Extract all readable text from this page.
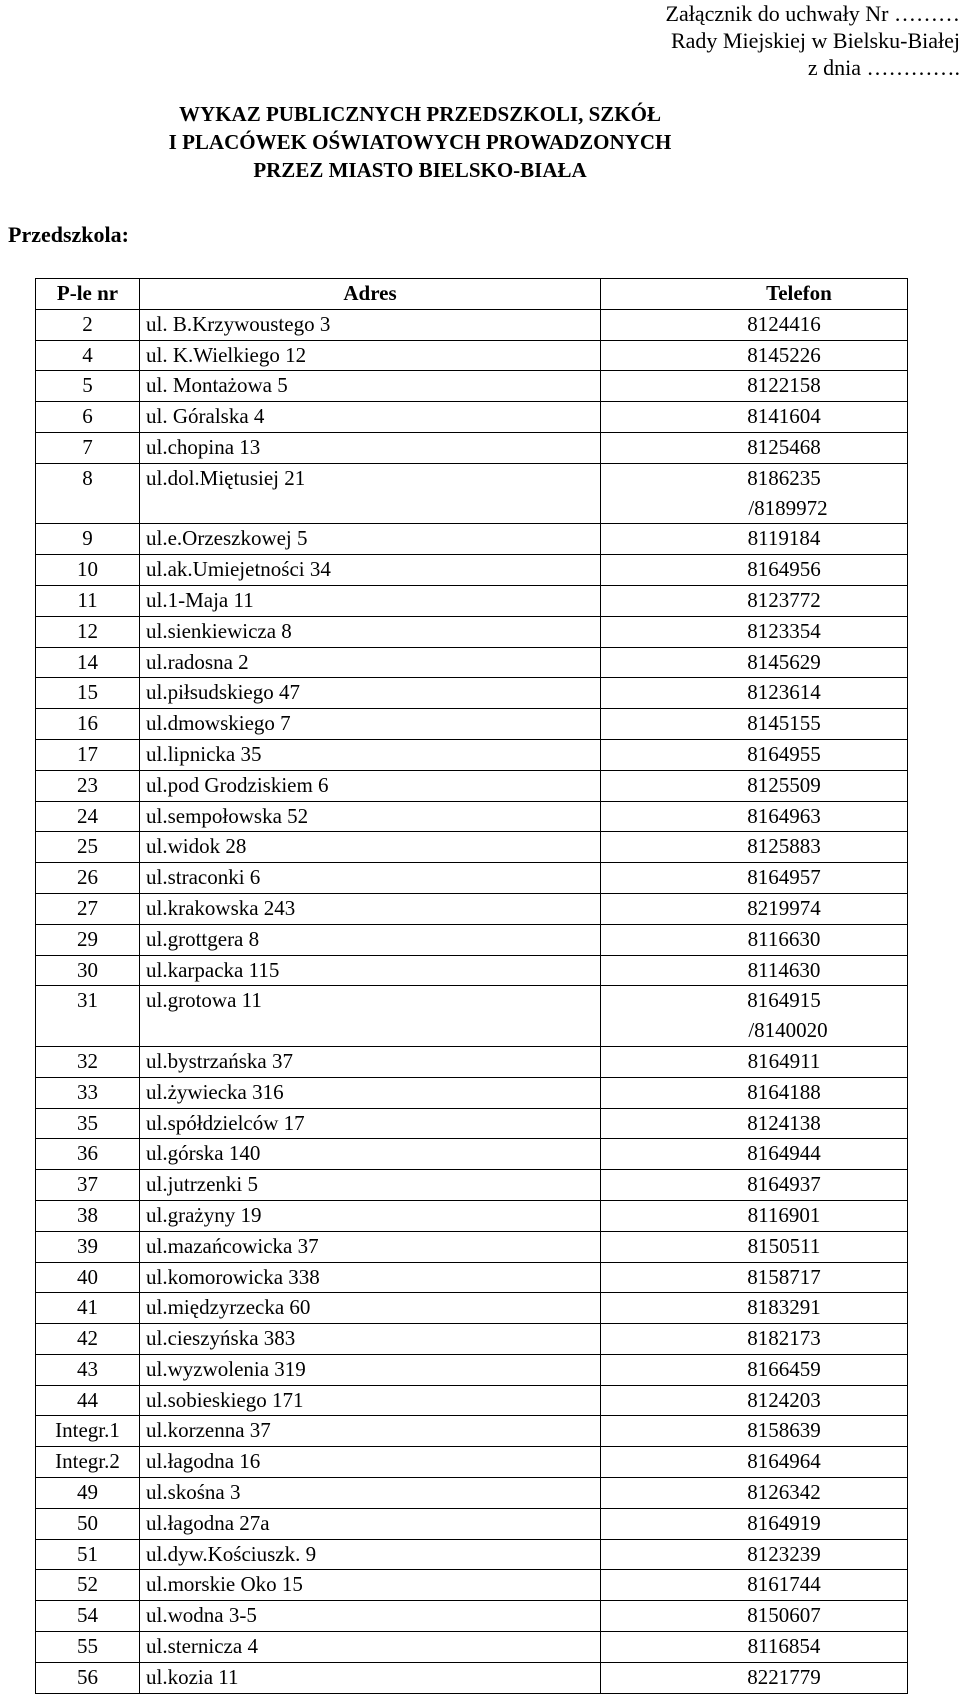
Załącznik do uchwały Nr ………
Rady Miejskiej w Bielsku-Białej
z dnia ………….
WYKAZ PUBLICZNYCH PRZEDSZKOLI, SZKÓŁ
I PLACÓWEK OŚWIATOWYCH PROWADZONYCH
PRZEZ MIASTO BIELSKO-BIAŁA
Przedszkola:
P-le nr	Adres	Telefon
2	ul. B.Krzywoustego 3	8124416
4	ul. K.Wielkiego 12	8145226
5	ul. Montażowa 5	8122158
6	ul. Góralska 4	8141604
7	ul.chopina 13	8125468
8	ul.dol.Miętusiej 21	8186235
/8189972

9	ul.e.Orzeszkowej 5	8119184
10	ul.ak.Umiejetności 34	8164956
11	ul.1-Maja 11	8123772
12	ul.sienkiewicza 8	8123354
14	ul.radosna 2	8145629
15	ul.piłsudskiego 47	8123614
16	ul.dmowskiego 7	8145155
17	ul.lipnicka 35	8164955
23	ul.pod Grodziskiem 6	8125509
24	ul.sempołowska 52	8164963
25	ul.widok 28	8125883
26	ul.straconki 6	8164957
27	ul.krakowska 243	8219974
29	ul.grottgera 8	8116630
30	ul.karpacka 115	8114630
31	ul.grotowa 11	8164915
/8140020

32	ul.bystrzańska 37	8164911
33	ul.żywiecka 316	8164188
35	ul.spółdzielców 17	8124138
36	ul.górska 140	8164944
37	ul.jutrzenki 5	8164937
38	ul.grażyny 19	8116901
39	ul.mazańcowicka 37	8150511
40	ul.komorowicka 338	8158717
41	ul.międzyrzecka 60	8183291
42	ul.cieszyńska 383	8182173
43	ul.wyzwolenia 319	8166459
44	ul.sobieskiego 171	8124203
Integr.1	ul.korzenna 37	8158639
Integr.2	ul.łagodna 16	8164964
49	ul.skośna 3	8126342
50	ul.łagodna 27a	8164919
51	ul.dyw.Kościuszk. 9	8123239
52	ul.morskie Oko 15	8161744
54	ul.wodna 3-5	8150607
55	ul.sternicza 4	8116854
56	ul.kozia 11	8221779
